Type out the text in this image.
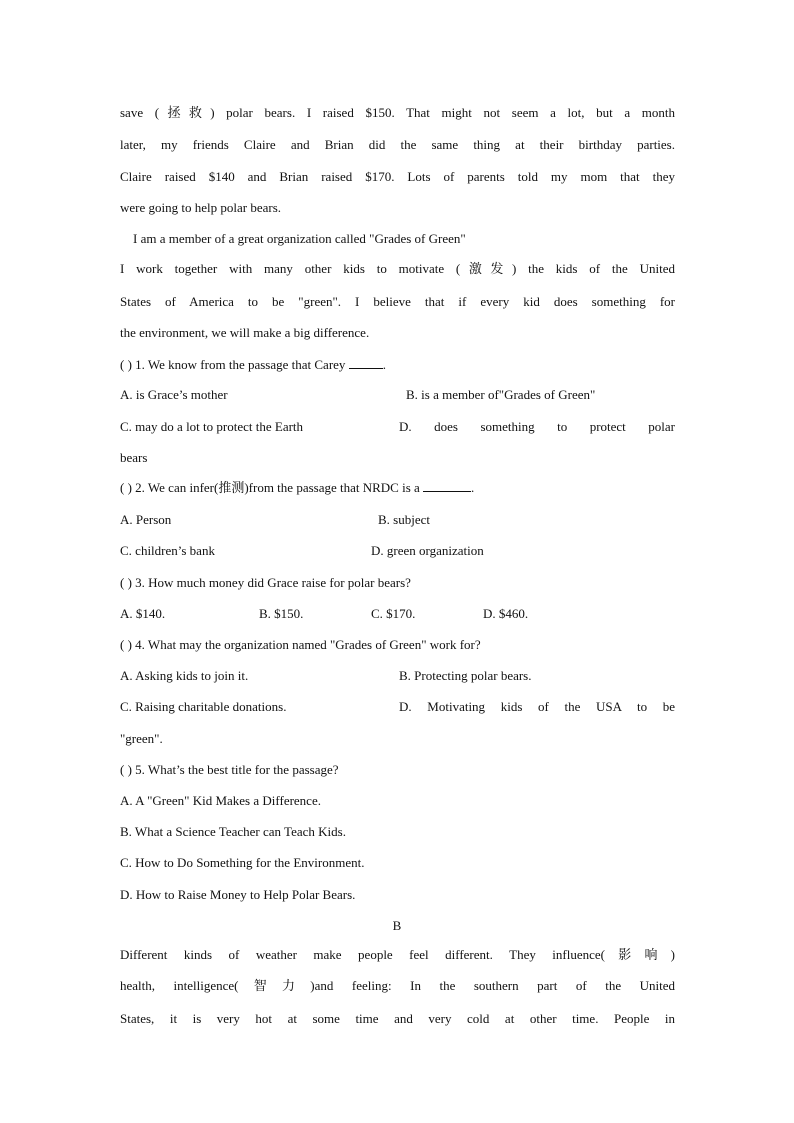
save (拯救) polar bears. I raised $150. That might not seem a lot, but a month
later, my friends Claire and Brian did the same thing at their birthday parties.
Claire raised $140 and Brian raised $170. Lots of parents told my mom that they
were going to help polar bears.
I am a member of a great organization called "Grades of Green"
I work together with many other kids to motivate (激发) the kids of the United
States of America to be "green". I believe that if every kid does something for
the environment, we will make a big difference.
( ) 1. We know from the passage that Carey	.
A. is Grace’s mother	B. is a member of"Grades of Green"
C. may do a lot to protect the Earth	D. does something to protect polar
bears
( ) 2. We can infer(推测)from the passage that NRDC is a	.
A. Person	B. subject
C. children’s bank	D. green organization
( ) 3. How much money did Grace raise for polar bears?
A. $140.	B. $150.	C. $170.	D. $460.
( ) 4. What may the organization named "Grades of Green" work for?
A. Asking kids to join it.	B. Protecting polar bears.
C. Raising charitable donations.	D. Motivating kids of the USA to be
"green".
( ) 5. What’s the best title for the passage?
A. A "Green" Kid Makes a Difference.
B. What a Science Teacher can Teach Kids.
C. How to Do Something for the Environment.
D. How to Raise Money to Help Polar Bears.
B
Different kinds of weather make people feel different. They influence(影响)
health, intelligence(智力)and feeling: In the southern part of the United
States, it is very hot at some time and very cold at other time. People in
